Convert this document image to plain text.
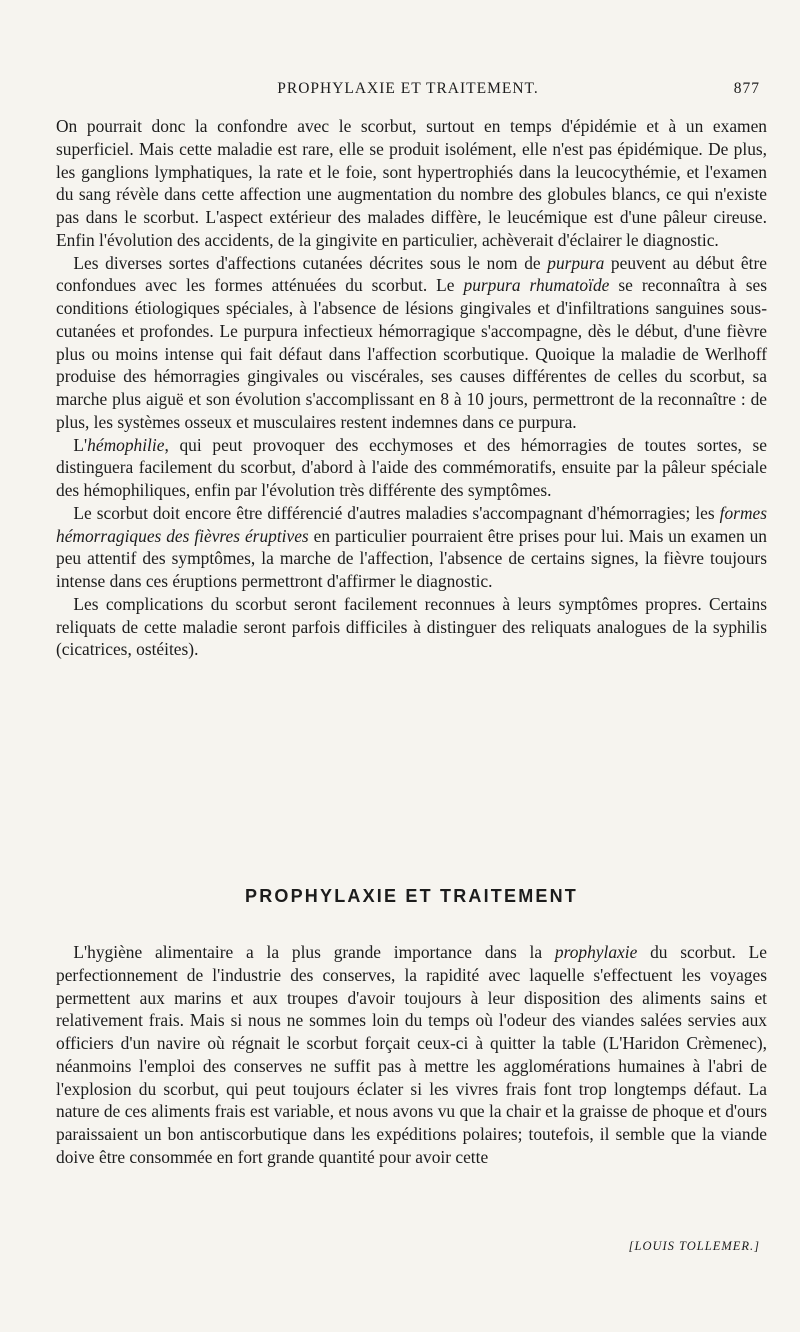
PROPHYLAXIE ET TRAITEMENT.	877

On pourrait donc la confondre avec le scorbut, surtout en temps d'épidémie et à un examen superficiel. Mais cette maladie est rare, elle se produit isolément, elle n'est pas épidémique. De plus, les ganglions lymphatiques, la rate et le foie, sont hypertrophiés dans la leucocythémie, et l'examen du sang révèle dans cette affection une augmentation du nombre des globules blancs, ce qui n'existe pas dans le scorbut. L'aspect extérieur des malades diffère, le leucémique est d'une pâleur cireuse. Enfin l'évolution des accidents, de la gingivite en particulier, achèverait d'éclairer le diagnostic.

 Les diverses sortes d'affections cutanées décrites sous le nom de purpura peuvent au début être confondues avec les formes atténuées du scorbut. Le purpura rhumatoïde se reconnaîtra à ses conditions étiologiques spéciales, à l'absence de lésions gingivales et d'infiltrations sanguines sous-cutanées et profondes. Le purpura infectieux hémorragique s'accompagne, dès le début, d'une fièvre plus ou moins intense qui fait défaut dans l'affection scorbutique. Quoique la maladie de Werlhoff produise des hémorragies gingivales ou viscérales, ses causes différentes de celles du scorbut, sa marche plus aiguë et son évolution s'accomplissant en 8 à 10 jours, permettront de la reconnaître : de plus, les systèmes osseux et musculaires restent indemnes dans ce purpura.

 L'hémophilie, qui peut provoquer des ecchymoses et des hémorragies de toutes sortes, se distinguera facilement du scorbut, d'abord à l'aide des commémoratifs, ensuite par la pâleur spéciale des hémophiliques, enfin par l'évolution très différente des symptômes.

 Le scorbut doit encore être différencié d'autres maladies s'accompagnant d'hémorragies; les formes hémorragiques des fièvres éruptives en particulier pourraient être prises pour lui. Mais un examen un peu attentif des symptômes, la marche de l'affection, l'absence de certains signes, la fièvre toujours intense dans ces éruptions permettront d'affirmer le diagnostic.

 Les complications du scorbut seront facilement reconnues à leurs symptômes propres. Certains reliquats de cette maladie seront parfois difficiles à distinguer des reliquats analogues de la syphilis (cicatrices, ostéites).

PROPHYLAXIE ET TRAITEMENT

 L'hygiène alimentaire a la plus grande importance dans la prophylaxie du scorbut. Le perfectionnement de l'industrie des conserves, la rapidité avec laquelle s'effectuent les voyages permettent aux marins et aux troupes d'avoir toujours à leur disposition des aliments sains et relativement frais. Mais si nous ne sommes loin du temps où l'odeur des viandes salées servies aux officiers d'un navire où régnait le scorbut forçait ceux-ci à quitter la table (L'Haridon Crèmenec), néanmoins l'emploi des conserves ne suffit pas à mettre les agglomérations humaines à l'abri de l'explosion du scorbut, qui peut toujours éclater si les vivres frais font trop longtemps défaut. La nature de ces aliments frais est variable, et nous avons vu que la chair et la graisse de phoque et d'ours paraissaient un bon antiscorbutique dans les expéditions polaires; toutefois, il semble que la viande doive être consommée en fort grande quantité pour avoir cette

[LOUIS TOLLEMER.]
